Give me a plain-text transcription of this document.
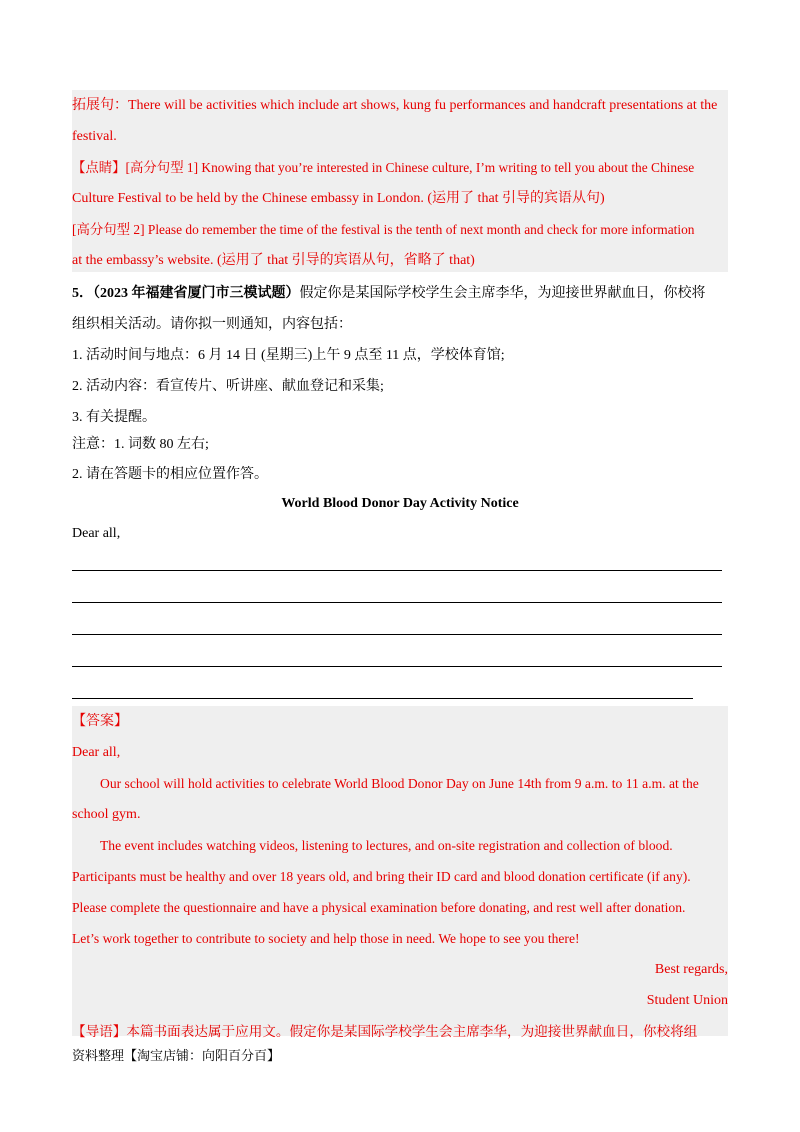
拓展句：There will be activities which include art shows, kung fu performances and handcraft presentations at the
festival.
【点睛】[高分句型 1] Knowing that you’re interested in Chinese culture, I’m writing to tell you about the Chinese
Culture Festival to be held by the Chinese embassy in London. (运用了 that 引导的宾语从句)
[高分句型 2] Please do remember the time of the festival is the tenth of next month and check for more information
at the embassy’s website. (运用了 that 引导的宾语从句，省略了 that)
5．（2023 年福建省厦门市三模试题）假定你是某国际学校学生会主席李华，为迎接世界献血日，你校将
组织相关活动。请你拟一则通知，内容包括：
1. 活动时间与地点：6 月 14 日 (星期三)上午 9 点至 11 点，学校体育馆;
2. 活动内容：看宣传片、听讲座、献血登记和采集;
3. 有关提醒。
注意：1. 词数 80 左右;
2. 请在答题卡的相应位置作答。
World Blood Donor Day Activity Notice
Dear all,
【答案】
Dear all,
Our school will hold activities to celebrate World Blood Donor Day on June 14th from 9 a.m. to 11 a.m. at the
school gym.
The event includes watching videos, listening to lectures, and on-site registration and collection of blood.
Participants must be healthy and over 18 years old, and bring their ID card and blood donation certificate (if any).
Please complete the questionnaire and have a physical examination before donating, and rest well after donation.
Let’s work together to contribute to society and help those in need. We hope to see you there!
Best regards,
Student Union
【导语】本篇书面表达属于应用文。假定你是某国际学校学生会主席李华，为迎接世界献血日，你校将组
资料整理【淘宝店铺：向阳百分百】
